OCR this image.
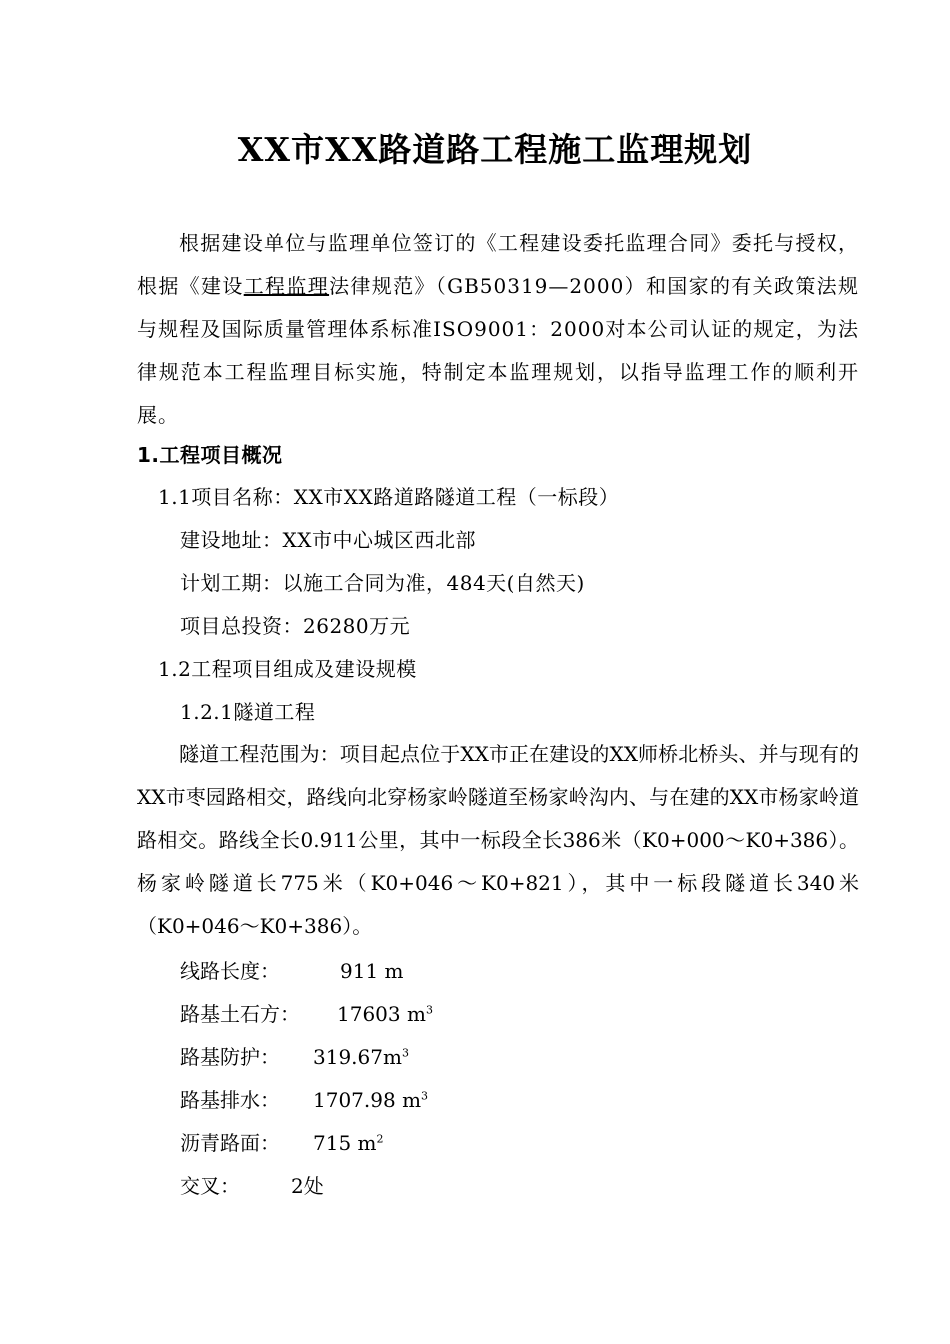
XX市XX路道路工程施工监理规划

根据建设单位与监理单位签订的《工程建设委托监理合同》委托与授权，根据《建设工程监理法律规范》（GB50319—2000）和国家的有关政策法规与规程及国际质量管理体系标准ISO9001：2000对本公司认证的规定，为法律规范本工程监理目标实施，特制定本监理规划，以指导监理工作的顺利开展。

1.工程项目概况
1.1项目名称：XX市XX路道路隧道工程（一标段）
建设地址：XX市中心城区西北部
计划工期：以施工合同为准，484天(自然天)
项目总投资：26280万元
1.2工程项目组成及建设规模
1.2.1隧道工程

隧道工程范围为：项目起点位于XX市正在建设的XX师桥北桥头、并与现有的XX市枣园路相交，路线向北穿杨家岭隧道至杨家岭沟内、与在建的XX市杨家岭道路相交。路线全长0.911公里，其中一标段全长386米（K0+000～K0+386）。杨家岭隧道长775米（K0+046～K0+821），其中一标段隧道长340米（K0+046～K0+386）。

线路长度：	911 m
路基土石方： 17603 $m^3$
路基防护： $319.67m^3$
路基排水： 1707.98 $m^3$
沥青路面： 715 $m^2$
交叉：	2处
